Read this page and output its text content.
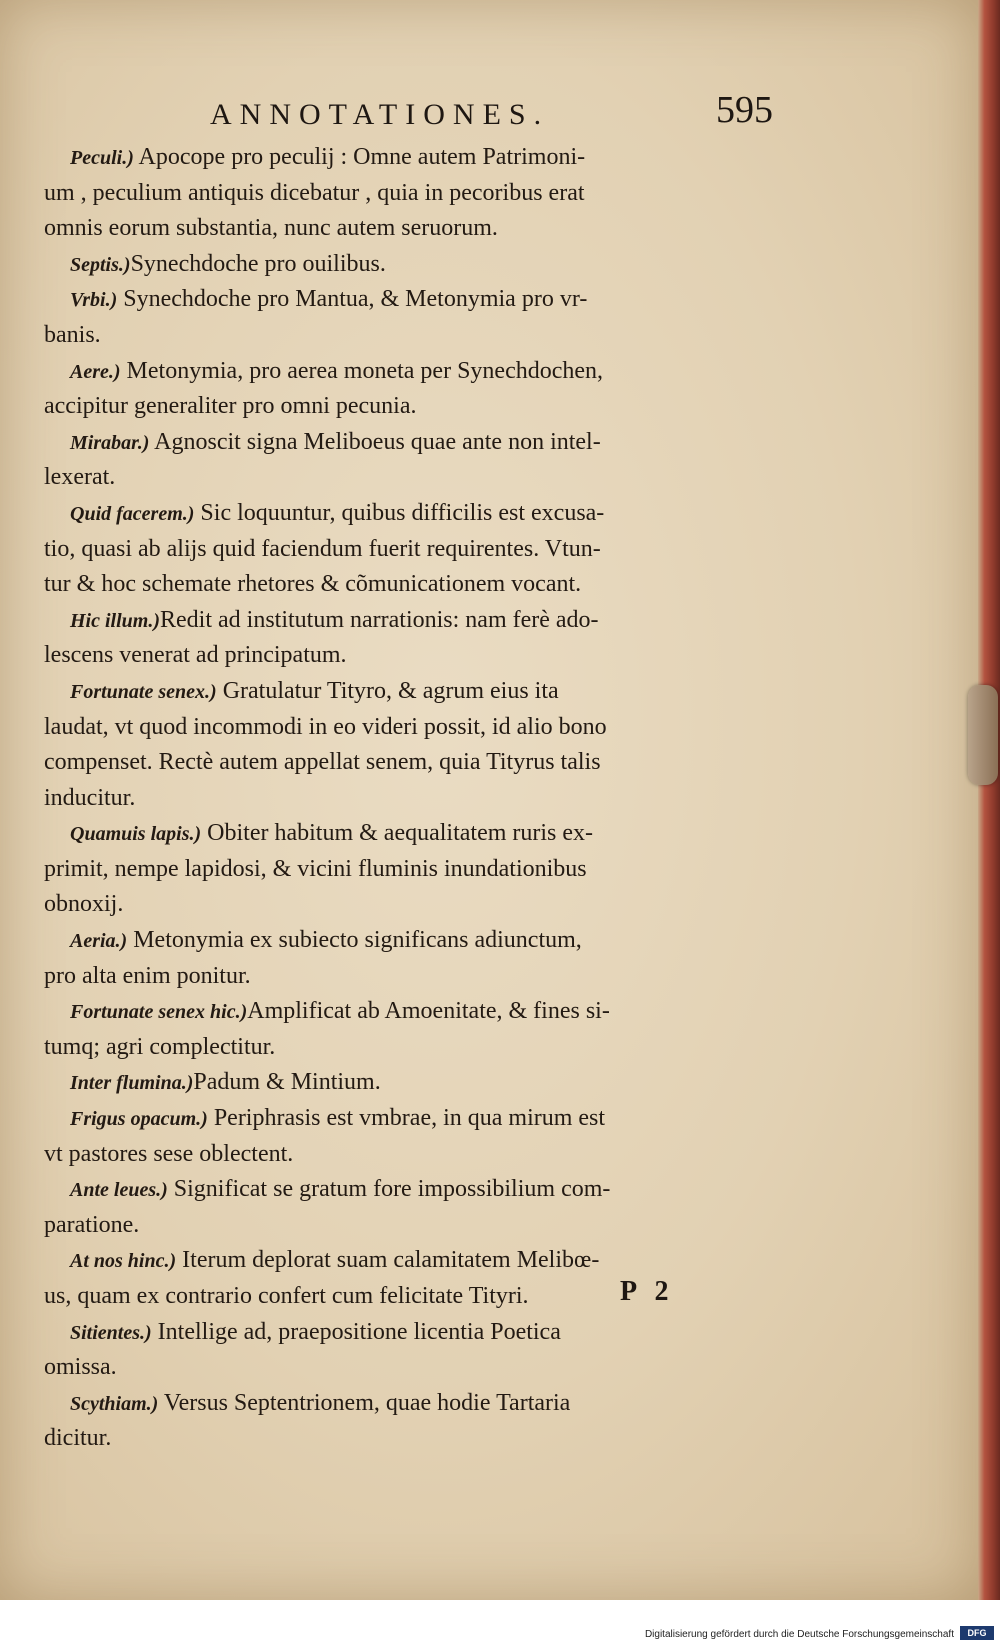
ANNOTATIONES.	595
Peculi.) Apocope pro peculij : Omne autem Patrimoni-
um , peculium antiquis dicebatur , quia in pecoribus erat
omnis eorum substantia, nunc autem seruorum.
Septis.)Synechdoche pro ouilibus.
Vrbi.) Synechdoche pro Mantua, & Metonymia pro vr-
banis.
Aere.) Metonymia, pro aerea moneta per Synechdochen,
accipitur generaliter pro omni pecunia.
Mirabar.) Agnoscit signa Meliboeus quae ante non intel-
lexerat.
Quid facerem.) Sic loquuntur, quibus difficilis est excusa-
tio, quasi ab alijs quid faciendum fuerit requirentes. Vtun-
tur & hoc schemate rhetores & cõmunicationem vocant.
Hic illum.)Redit ad institutum narrationis: nam ferè ado-
lescens venerat ad principatum.
Fortunate senex.) Gratulatur Tityro, & agrum eius ita
laudat, vt quod incommodi in eo videri possit, id alio bono
compenset. Rectè autem appellat senem, quia Tityrus talis
inducitur.
Quamuis lapis.) Obiter habitum & aequalitatem ruris ex-
primit, nempe lapidosi, & vicini fluminis inundationibus
obnoxij.
Aeria.) Metonymia ex subiecto significans adiunctum,
pro alta enim ponitur.
Fortunate senex hic.)Amplificat ab Amoenitate, & fines si-
tumq; agri complectitur.
Inter flumina.)Padum & Mintium.
Frigus opacum.) Periphrasis est vmbrae, in qua mirum est
vt pastores sese oblectent.
Ante leues.) Significat se gratum fore impossibilium com-
paratione.
At nos hinc.) Iterum deplorat suam calamitatem Melibœ-
us, quam ex contrario confert cum felicitate Tityri.
Sitientes.) Intellige ad, praepositione licentia Poetica
omissa.
Scythiam.) Versus Septentrionem, quae hodie Tartaria
dicitur.
P 2
Digitalisierung gefördert durch die Deutsche Forschungsgemeinschaft	DFG
